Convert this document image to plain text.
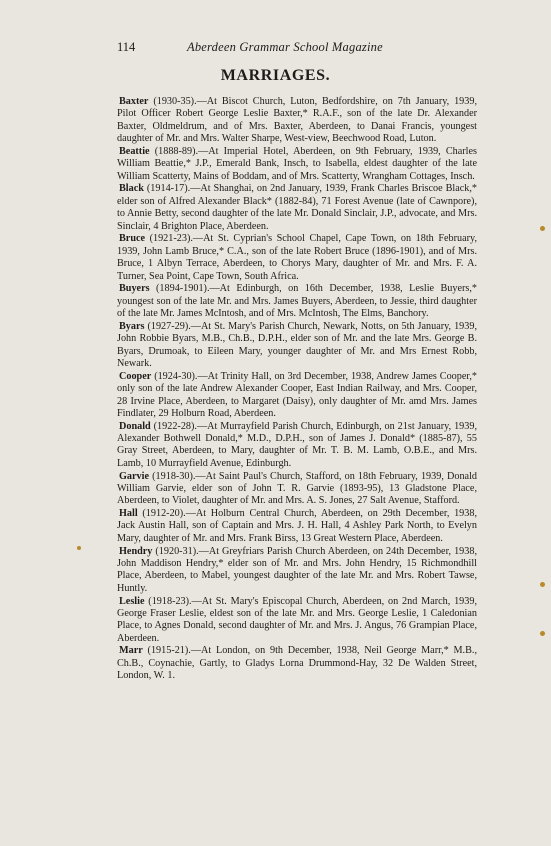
114	Aberdeen Grammar School Magazine
MARRIAGES.

Baxter (1930-35).—At Biscot Church, Luton, Bedfordshire, on 7th January, 1939, Pilot Officer Robert George Leslie Baxter,* R.A.F., son of the late Dr. Alexander Baxter, Oldmeldrum, and of Mrs. Baxter, Aberdeen, to Danai Francis, youngest daughter of Mr. and Mrs. Walter Sharpe, West-view, Beechwood Road, Luton.

Beattie (1888-89).—At Imperial Hotel, Aberdeen, on 9th February, 1939, Charles William Beattie,* J.P., Emerald Bank, Insch, to Isabella, eldest daughter of the late William Scatterty, Mains of Boddam, and of Mrs. Scatterty, Wrangham Cottages, Insch.

Black (1914-17).—At Shanghai, on 2nd January, 1939, Frank Charles Briscoe Black,* elder son of Alfred Alexander Black* (1882-84), 71 Forest Avenue (late of Cawnpore), to Annie Betty, second daughter of the late Mr. Donald Sinclair, J.P., advocate, and Mrs. Sinclair, 4 Brighton Place, Aberdeen.

Bruce (1921-23).—At St. Cyprian's School Chapel, Cape Town, on 18th February, 1939, John Lamb Bruce,* C.A., son of the late Robert Bruce (1896-1901), and of Mrs. Bruce, 1 Albyn Terrace, Aberdeen, to Chorys Mary, daughter of Mr. and Mrs. F. A. Turner, Sea Point, Cape Town, South Africa.

Buyers (1894-1901).—At Edinburgh, on 16th December, 1938, Leslie Buyers,* youngest son of the late Mr. and Mrs. James Buyers, Aberdeen, to Jessie, third daughter of the late Mr. James McIntosh, and of Mrs. McIntosh, The Elms, Banchory.

Byars (1927-29).—At St. Mary's Parish Church, Newark, Notts, on 5th January, 1939, John Robbie Byars, M.B., Ch.B., D.P.H., elder son of Mr. and the late Mrs. George B. Byars, Drumoak, to Eileen Mary, younger daughter of Mr. and Mrs Ernest Robb, Newark.

Cooper (1924-30).—At Trinity Hall, on 3rd December, 1938, Andrew James Cooper,* only son of the late Andrew Alexander Cooper, East Indian Railway, and Mrs. Cooper, 28 Irvine Place, Aberdeen, to Margaret (Daisy), only daughter of Mr. amd Mrs. James Findlater, 29 Holburn Road, Aberdeen.

Donald (1922-28).—At Murrayfield Parish Church, Edinburgh, on 21st January, 1939, Alexander Bothwell Donald,* M.D., D.P.H., son of James J. Donald* (1885-87), 55 Gray Street, Aberdeen, to Mary, daughter of Mr. T. B. M. Lamb, O.B.E., and Mrs. Lamb, 10 Murrayfield Avenue, Edinburgh.

Garvie (1918-30).—At Saint Paul's Church, Stafford, on 18th February, 1939, Donald William Garvie, elder son of John T. R. Garvie (1893-95), 13 Gladstone Place, Aberdeen, to Violet, daughter of Mr. and Mrs. A. S. Jones, 27 Salt Avenue, Stafford.

Hall (1912-20).—At Holburn Central Church, Aberdeen, on 29th December, 1938, Jack Austin Hall, son of Captain and Mrs. J. H. Hall, 4 Ashley Park North, to Evelyn Mary, daughter of Mr. and Mrs. Frank Birss, 13 Great Western Place, Aberdeen.

Hendry (1920-31).—At Greyfriars Parish Church Aberdeen, on 24th December, 1938, John Maddison Hendry,* elder son of Mr. and Mrs. John Hendry, 15 Richmondhill Place, Aberdeen, to Mabel, youngest daughter of the late Mr. and Mrs. Robert Tawse, Huntly.

Leslie (1918-23).—At St. Mary's Episcopal Church, Aberdeen, on 2nd March, 1939, George Fraser Leslie, eldest son of the late Mr. and Mrs. George Leslie, 1 Caledonian Place, to Agnes Donald, second daughter of Mr. and Mrs. J. Angus, 76 Grampian Place, Aberdeen.

Marr (1915-21).—At London, on 9th December, 1938, Neil George Marr,* M.B., Ch.B., Coynachie, Gartly, to Gladys Lorna Drummond-Hay, 32 De Walden Street, London, W. 1.
